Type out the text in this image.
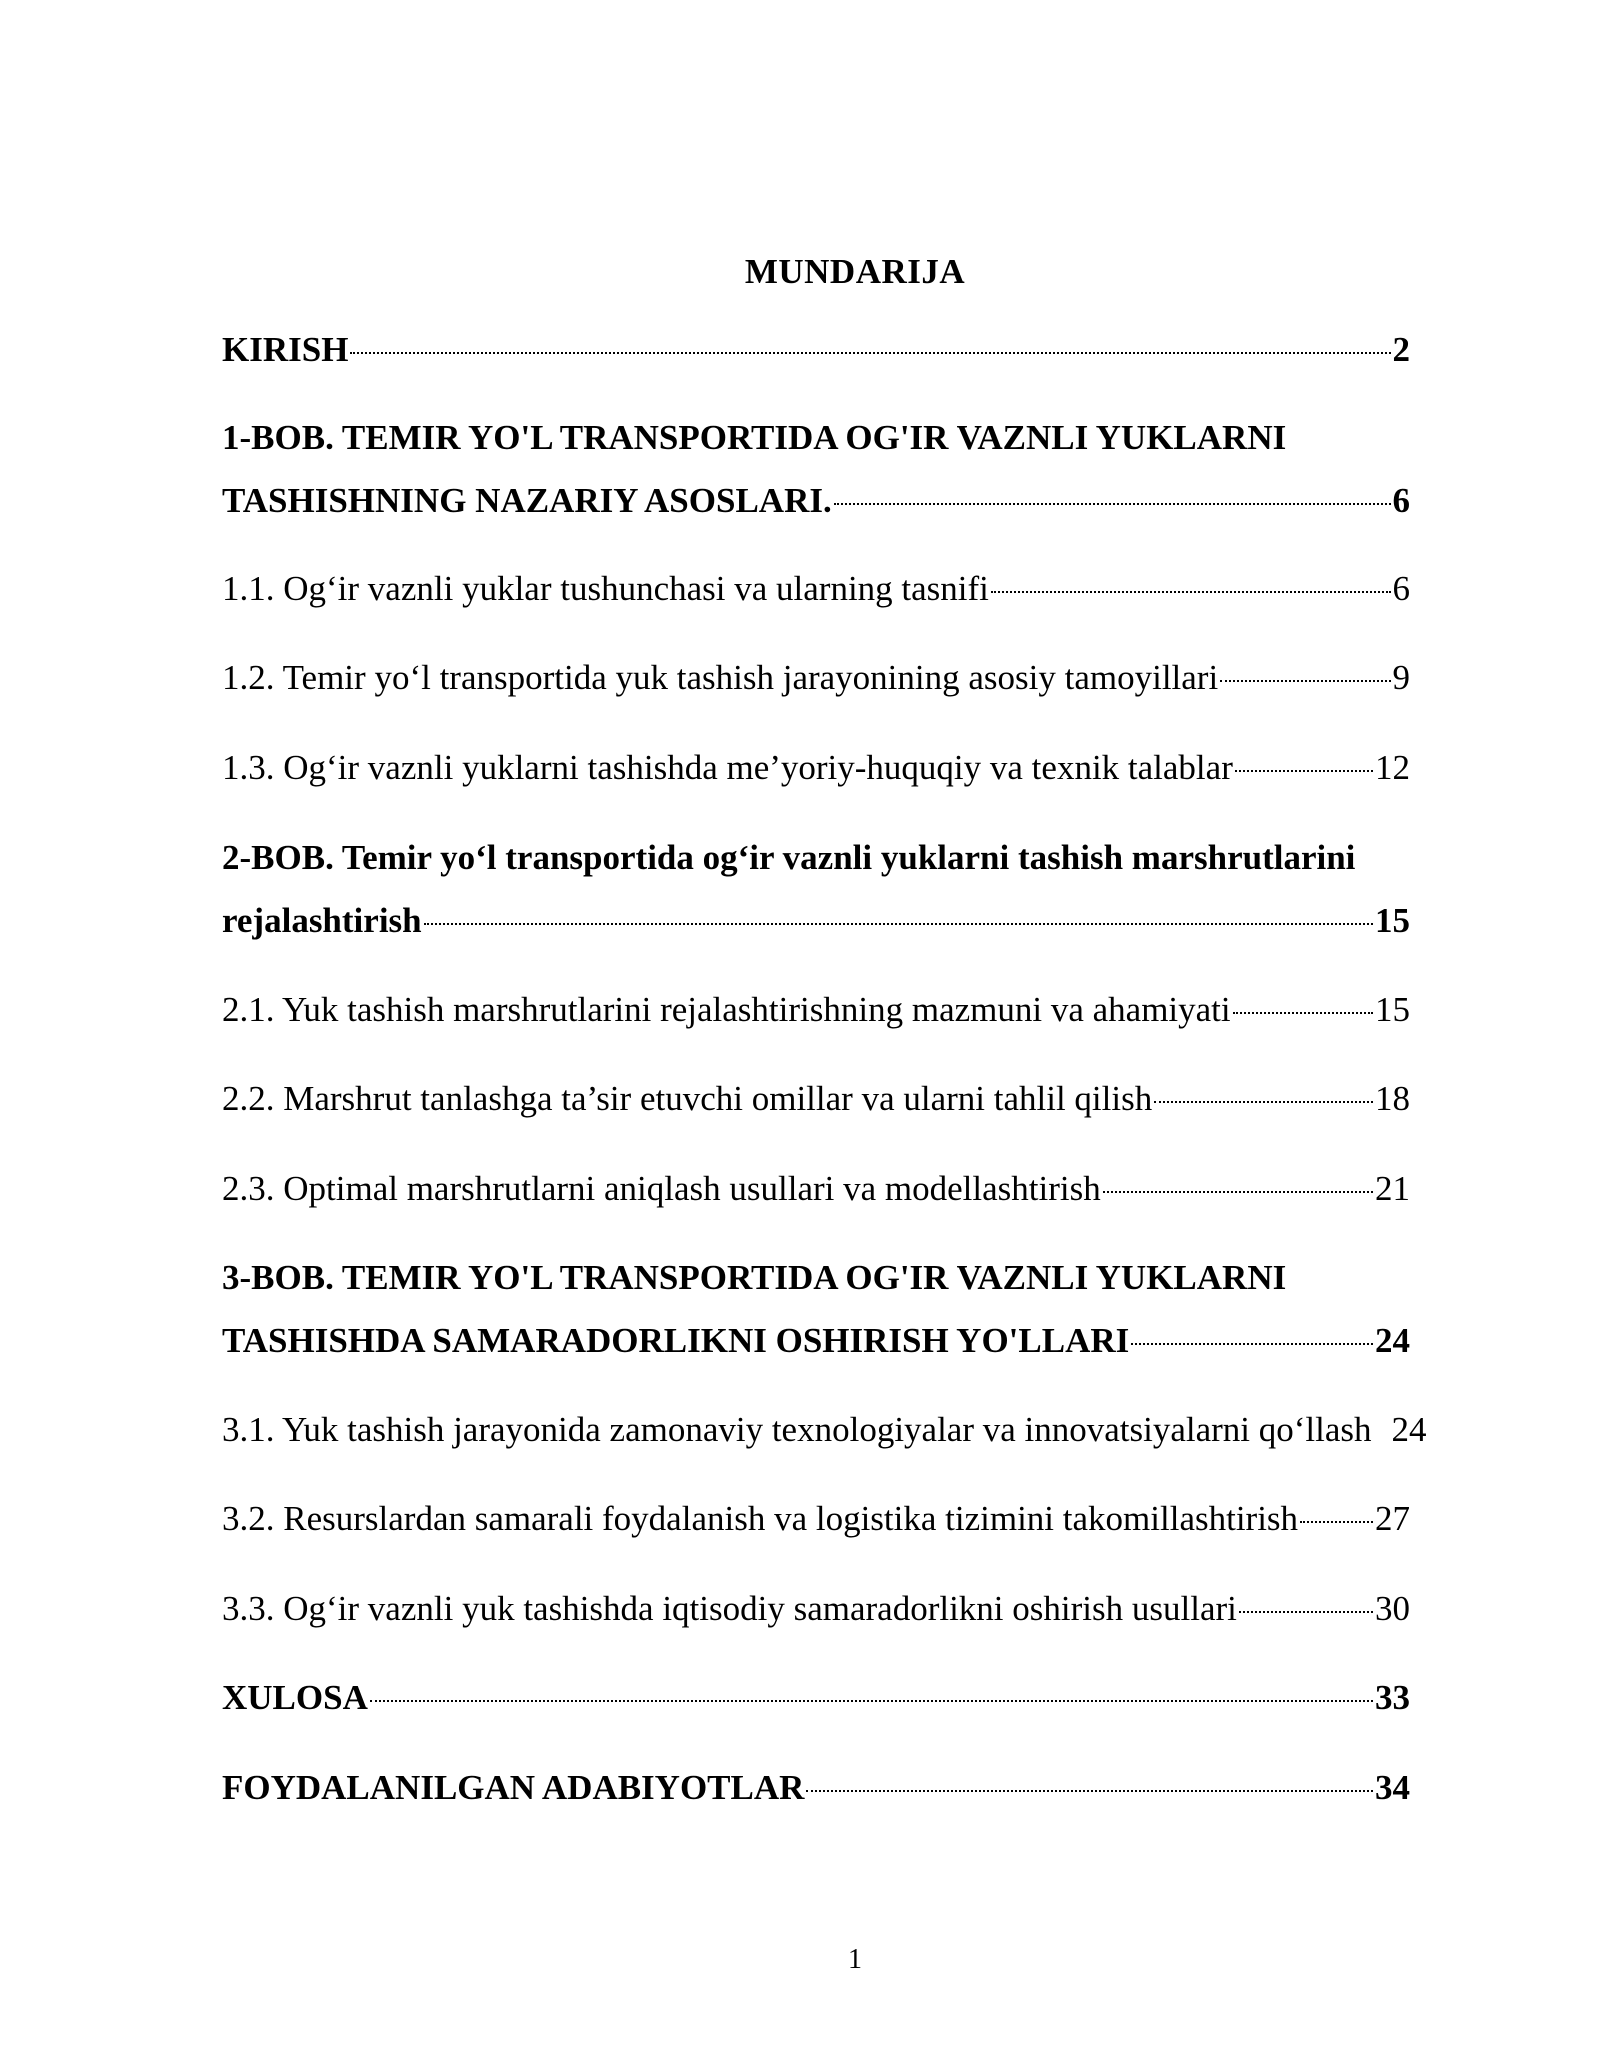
MUNDARIJA
KIRISH	2
1-BOB. TEMIR YO'L TRANSPORTIDA OG'IR VAZNLI YUKLARNI
TASHISHNING NAZARIY ASOSLARI.	6
1.1. Og‘ir vaznli yuklar tushunchasi va ularning tasnifi	6
1.2. Temir yo‘l transportida yuk tashish jarayonining asosiy tamoyillari	9
1.3. Og‘ir vaznli yuklarni tashishda me’yoriy-huquqiy va texnik talablar	12
2-BOB. Temir yo‘l transportida og‘ir vaznli yuklarni tashish marshrutlarini
rejalashtirish	15
2.1. Yuk tashish marshrutlarini rejalashtirishning mazmuni va ahamiyati	15
2.2. Marshrut tanlashga ta’sir etuvchi omillar va ularni tahlil qilish	18
2.3. Optimal marshrutlarni aniqlash usullari va modellashtirish	21
3-BOB. TEMIR YO'L TRANSPORTIDA OG'IR VAZNLI YUKLARNI
TASHISHDA SAMARADORLIKNI OSHIRISH YO'LLARI	24
3.1. Yuk tashish jarayonida zamonaviy texnologiyalar va innovatsiyalarni qo‘llash 24
3.2. Resurslardan samarali foydalanish va logistika tizimini takomillashtirish 27
3.3. Og‘ir vaznli yuk tashishda iqtisodiy samaradorlikni oshirish usullari	30
XULOSA	33
FOYDALANILGAN ADABIYOTLAR	34
1
